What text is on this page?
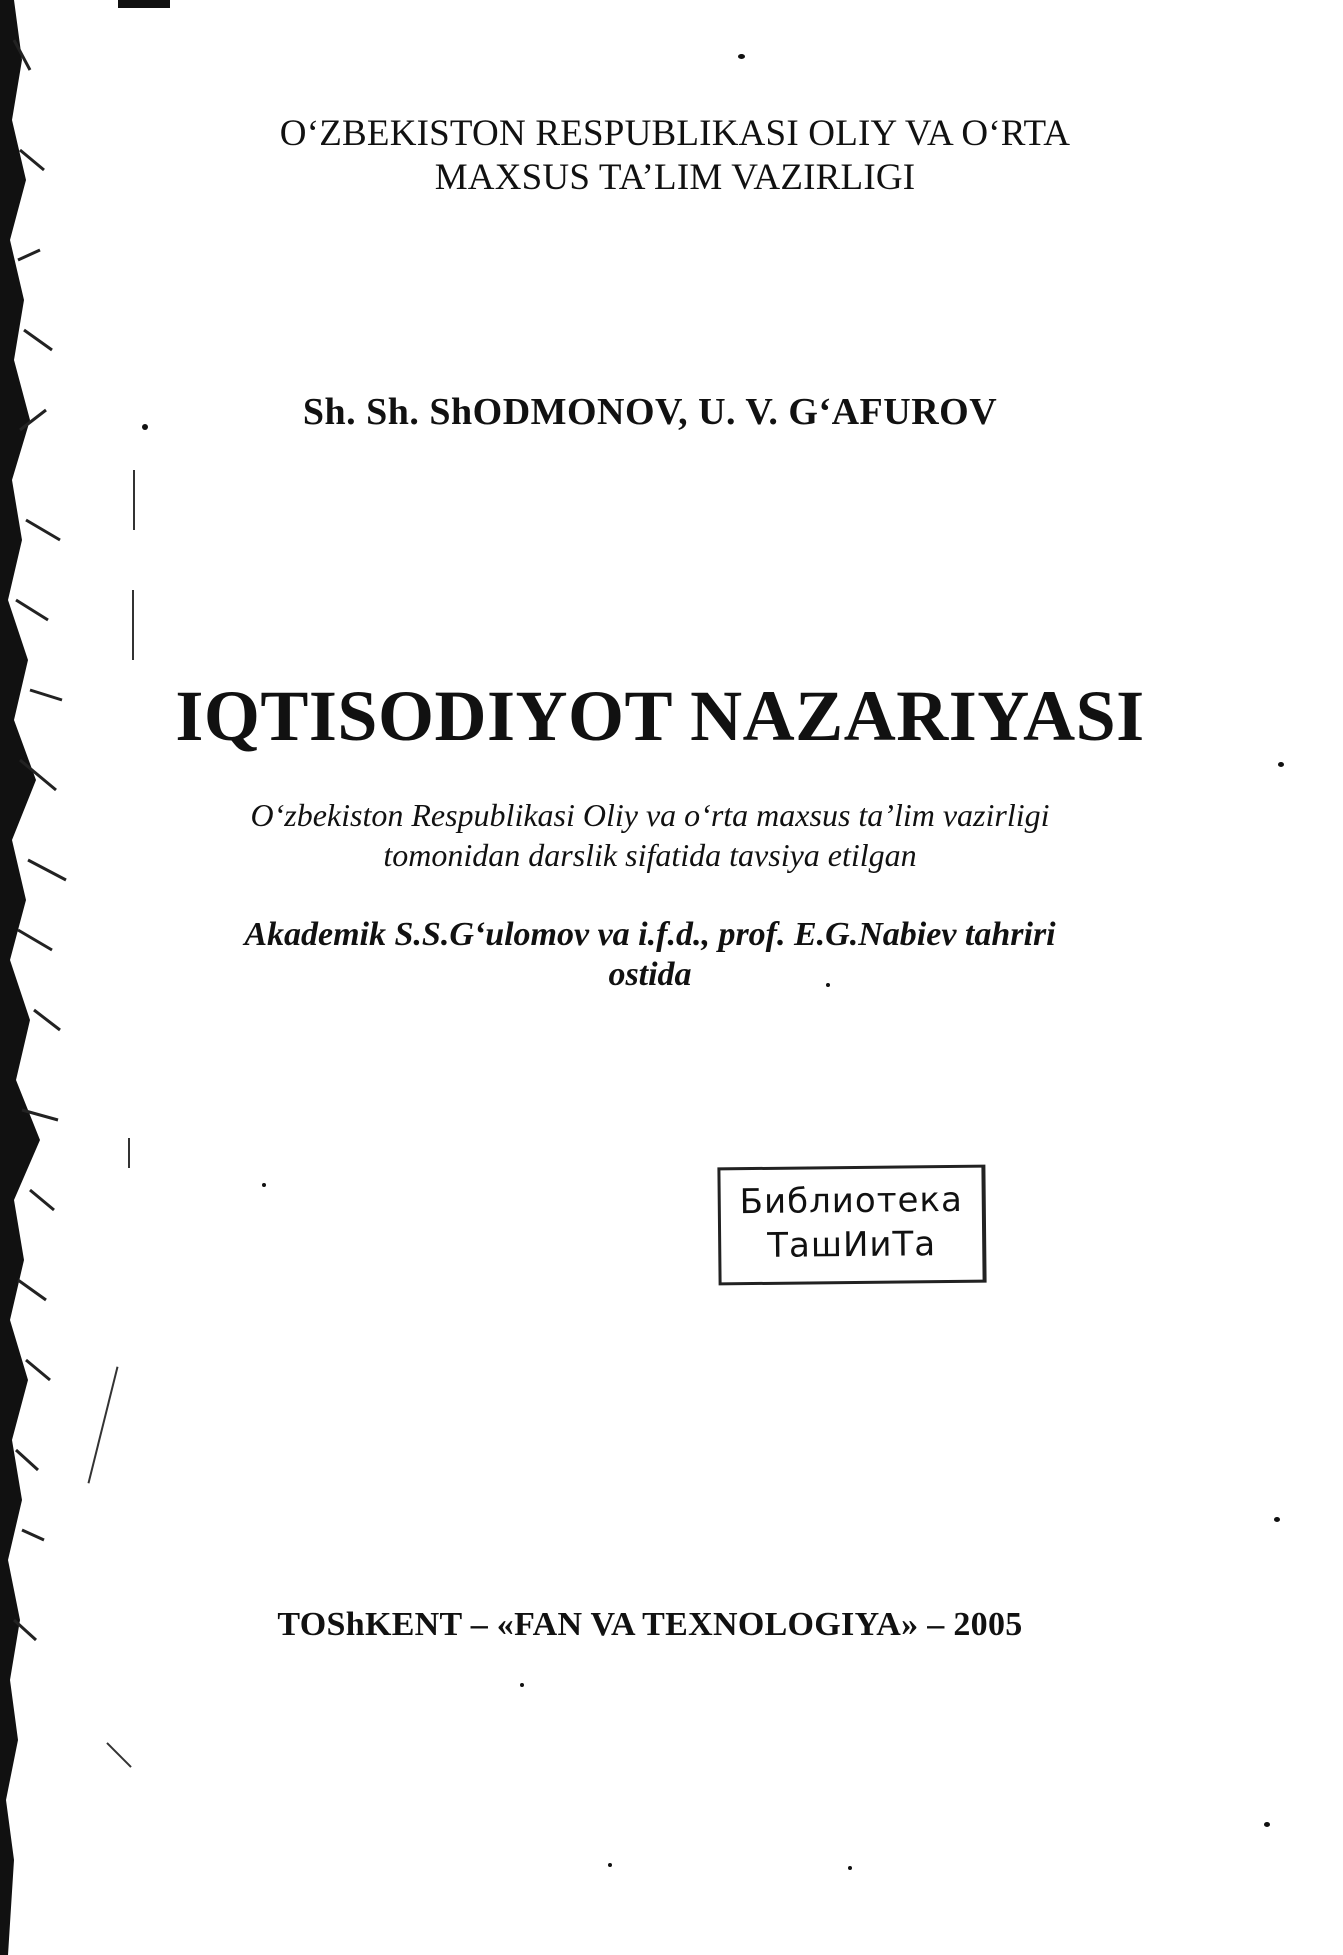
O‘ZBEKISTON RESPUBLIKASI OLIY VA O‘RTA
MAXSUS TA’LIM VAZIRLIGI
Sh. Sh. ShODMONOV, U. V. G‘AFUROV
IQTISODIYOT NAZARIYASI
O‘zbekiston Respublikasi Oliy va o‘rta maxsus ta’lim vazirligi
tomonidan darslik sifatida tavsiya etilgan
Akademik S.S.G‘ulomov va i.f.d., prof. E.G.Nabiev tahriri
ostida
Библиотека
ТашИиТа
TOShKENT – «FAN VA TEXNOLOGIYA» – 2005
